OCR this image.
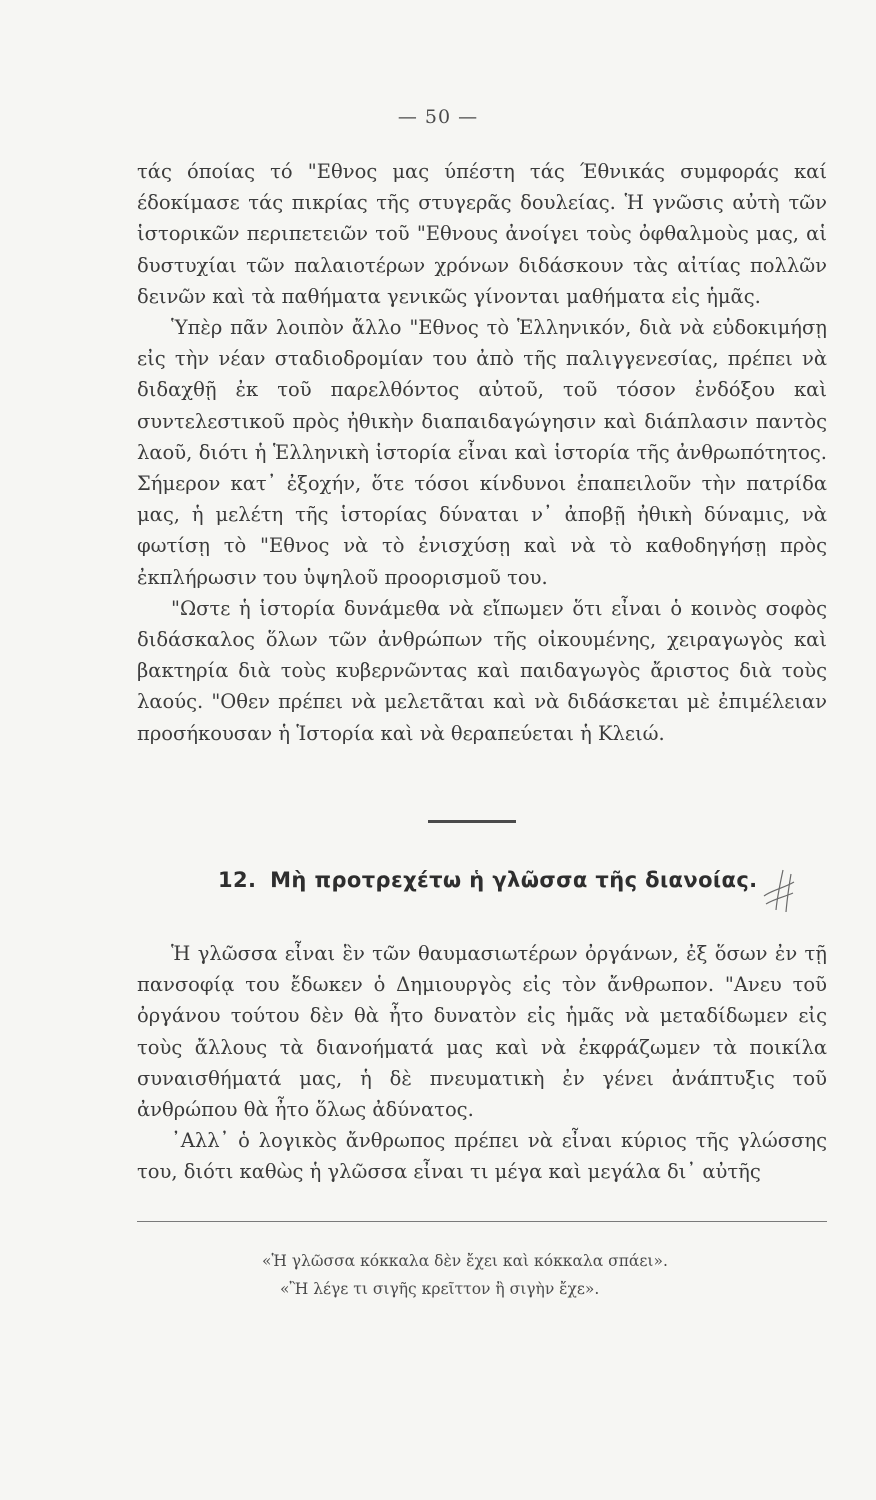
— 50 —

τάς όποίας τό "Εθνος μας ύπέστη τάς Έθνικάς συμφοράς καί έδοκίμασε τάς πικρίας τῆς στυγερᾶς δουλείας. Ἡ γνῶσις αὐτὴ τῶν ἱστορικῶν περιπετειῶν τοῦ "Εθνους ἀνοίγει τοὺς ὀφθαλμοὺς μας, αἱ δυστυχίαι τῶν παλαιοτέρων χρόνων διδάσκουν τὰς αἰτίας πολλῶν δεινῶν καὶ τὰ παθήματα γενικῶς γίνονται μαθήματα εἰς ἡμᾶς.

Ὑπὲρ πᾶν λοιπὸν ἄλλο "Εθνος τὸ Ἑλληνικόν, διὰ νὰ εὐδοκιμήσῃ εἰς τὴν νέαν σταδιοδρομίαν του ἀπὸ τῆς παλιγγενεσίας, πρέπει νὰ διδαχθῇ ἐκ τοῦ παρελθόντος αὐτοῦ, τοῦ τόσον ἐνδόξου καὶ συντελεστικοῦ πρὸς ἠθικὴν διαπαιδαγώγησιν καὶ διάπλασιν παντὸς λαοῦ, διότι ἡ Ἑλληνικὴ ἱστορία εἶναι καὶ ἱστορία τῆς ἀνθρωπότητος. Σήμερον κατ᾽ ἐξοχήν, ὅτε τόσοι κίνδυνοι ἐπαπειλοῦν τὴν πατρίδα μας, ἡ μελέτη τῆς ἱστορίας δύναται ν᾽ ἀποβῇ ἠθικὴ δύναμις, νὰ φωτίσῃ τὸ "Εθνος νὰ τὸ ἐνισχύσῃ καὶ νὰ τὸ καθοδηγήσῃ πρὸς ἐκπλήρωσιν του ὑψηλοῦ προορισμοῦ του.

"Ωστε ἡ ἱστορία δυνάμεθα νὰ εἴπωμεν ὅτι εἶναι ὁ κοινὸς σοφὸς διδάσκαλος ὅλων τῶν ἀνθρώπων τῆς οἰκουμένης, χειραγωγὸς καὶ βακτηρία διὰ τοὺς κυβερνῶντας καὶ παιδαγωγὸς ἄριστος διὰ τοὺς λαούς. "Οθεν πρέπει νὰ μελετᾶται καὶ νὰ διδάσκεται μὲ ἐπιμέλειαν προσήκουσαν ἡ Ἱστορία καὶ νὰ θεραπεύεται ἡ Κλειώ.

12. Μὴ προτρεχέτω ἡ γλῶσσα τῆς διανοίας.

Ἡ γλῶσσα εἶναι ἓν τῶν θαυμασιωτέρων ὀργάνων, ἐξ ὅσων ἐν τῇ πανσοφίᾳ του ἔδωκεν ὁ Δημιουργὸς εἰς τὸν ἄνθρωπον. "Ανευ τοῦ ὀργάνου τούτου δὲν θὰ ἦτο δυνατὸν εἰς ἡμᾶς νὰ μεταδίδωμεν εἰς τοὺς ἄλλους τὰ διανοήματά μας καὶ νὰ ἐκφράζωμεν τὰ ποικίλα συναισθήματά μας, ἡ δὲ πνευματικὴ ἐν γένει ἀνάπτυξις τοῦ ἀνθρώπου θὰ ἦτο ὅλως ἀδύνατος.

᾽Αλλ᾽ ὁ λογικὸς ἄνθρωπος πρέπει νὰ εἶναι κύριος τῆς γλώσσης του, διότι καθὼς ἡ γλῶσσα εἶναι τι μέγα καὶ μεγάλα δι᾽ αὐτῆς

«Ἡ γλῶσσα κόκκαλα δὲν ἔχει καὶ κόκκαλα σπάει».
«Ἢ λέγε τι σιγῆς κρεῖττον ἢ σιγὴν ἔχε».
